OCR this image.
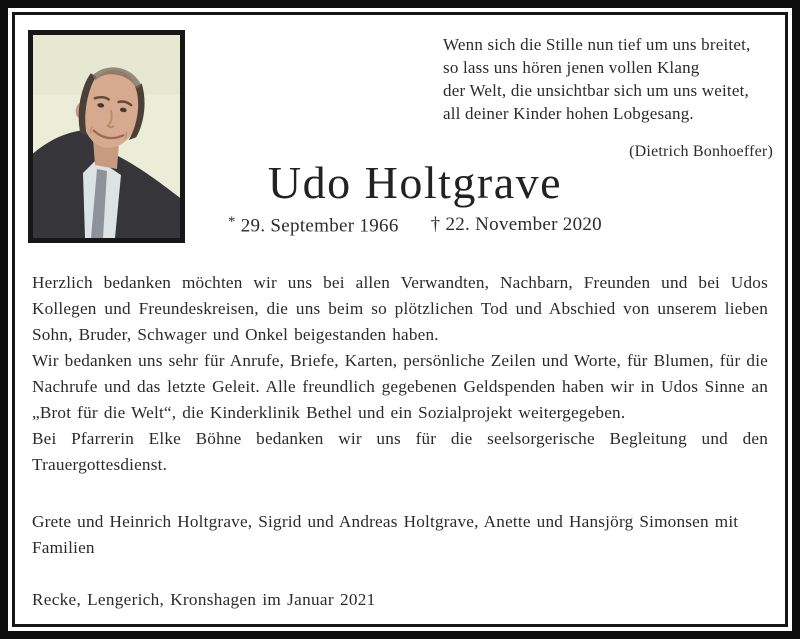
Wenn sich die Stille nun tief um uns breitet,
so lass uns hören jenen vollen Klang
der Welt, die unsichtbar sich um uns weitet,
all deiner Kinder hohen Lobgesang.
(Dietrich Bonhoeffer)
Udo Holtgrave
* 29. September 1966 † 22. November 2020

Herzlich bedanken möchten wir uns bei allen Verwandten, Nachbarn, Freunden und bei Udos Kollegen und Freundeskreisen, die uns beim so plötzlichen Tod und Abschied von unserem lieben Sohn, Bruder, Schwager und Onkel beigestanden haben.

Wir bedanken uns sehr für Anrufe, Briefe, Karten, persönliche Zeilen und Worte, für Blumen, für die Nachrufe und das letzte Geleit. Alle freundlich gegebenen Geldspenden haben wir in Udos Sinne an „Brot für die Welt“, die Kinderklinik Bethel und ein Sozialprojekt weitergegeben.

Bei Pfarrerin Elke Böhne bedanken wir uns für die seelsorgerische Begleitung und den Trauergottesdienst.

Grete und Heinrich Holtgrave, Sigrid und Andreas Holtgrave, Anette und Hansjörg Simonsen mit Familien
Recke, Lengerich, Kronshagen im Januar 2021
